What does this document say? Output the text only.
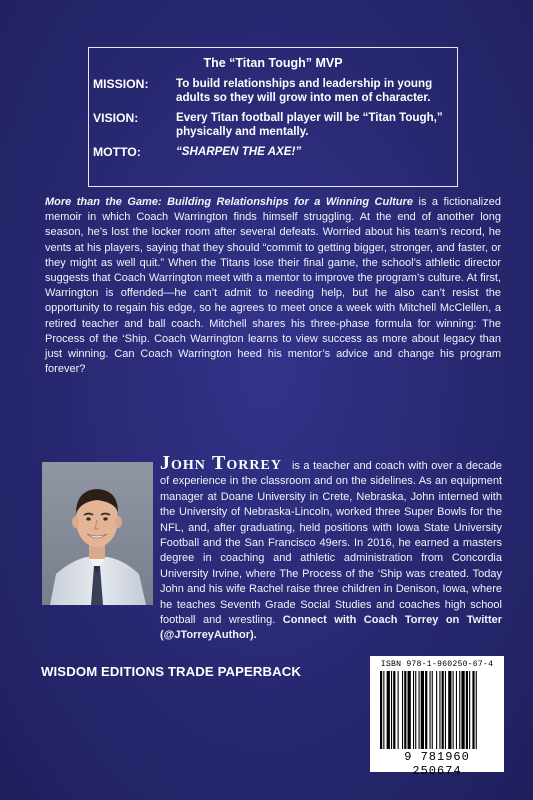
The “Titan Tough” MVP
MISSION:	To build relationships and leadership in young adults so they will grow into men of character.
VISION:	Every Titan football player will be “Titan Tough,” physically and mentally.
MOTTO:	“SHARPEN THE AXE!”
More than the Game: Building Relationships for a Winning Culture is a fictionalized memoir in which Coach Warrington finds himself struggling. At the end of another long season, he’s lost the locker room after several defeats. Worried about his team’s record, he vents at his players, saying that they should “commit to getting bigger, stronger, and faster, or they might as well quit.” When the Titans lose their final game, the school’s athletic director suggests that Coach Warrington meet with a mentor to improve the program’s culture. At first, Warrington is offended—he can’t admit to needing help, but he also can’t resist the opportunity to regain his edge, so he agrees to meet once a week with Mitchell McClellen, a retired teacher and ball coach. Mitchell shares his three-phase formula for winning: The Process of the ‘Ship. Coach Warrington learns to view success as more about legacy than just winning. Can Coach Warrington heed his mentor’s advice and change his program forever?
John Torrey is a teacher and coach with over a decade of experience in the classroom and on the sidelines. As an equipment manager at Doane University in Crete, Nebraska, John interned with the University of Nebraska-Lincoln, worked three Super Bowls for the NFL, and, after graduating, held positions with Iowa State University Football and the San Francisco 49ers. In 2016, he earned a masters degree in coaching and athletic administration from Concordia University Irvine, where The Process of the ‘Ship was created. Today John and his wife Rachel raise three children in Denison, Iowa, where he teaches Seventh Grade Social Studies and coaches high school football and wrestling. Connect with Coach Torrey on Twitter (@JTorreyAuthor).
WISDOM EDITIONS TRADE PAPERBACK	ISBN 978-1-960250-67-4
9 781960 250674
